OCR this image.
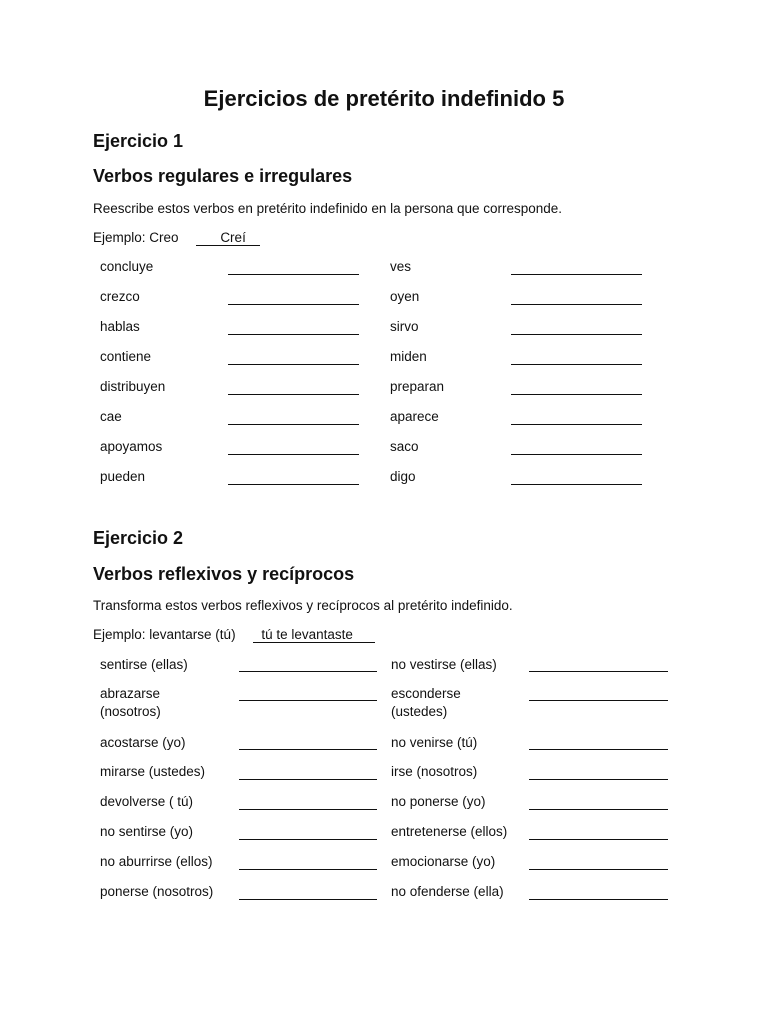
Ejercicios de pretérito indefinido 5
Ejercicio 1
Verbos regulares e irregulares
Reescribe estos verbos en pretérito indefinido en la persona que corresponde.
Ejemplo: Creo	Creí
concluye
crezco
hablas
contiene
distribuyen
cae
apoyamos
pueden
ves
oyen
sirvo
miden
preparan
aparece
saco
digo
Ejercicio 2
Verbos reflexivos y recíprocos
Transforma estos verbos reflexivos y recíprocos al pretérito indefinido.
Ejemplo: levantarse (tú) tú te levantaste
sentirse (ellas)
abrazarse (nosotros)
acostarse (yo)
mirarse (ustedes)
devolverse ( tú)
no sentirse (yo)
no aburrirse (ellos)
ponerse (nosotros)
no vestirse (ellas)
esconderse (ustedes)
no venirse (tú)
irse (nosotros)
no ponerse (yo)
entretenerse (ellos)
emocionarse (yo)
no ofenderse (ella)
